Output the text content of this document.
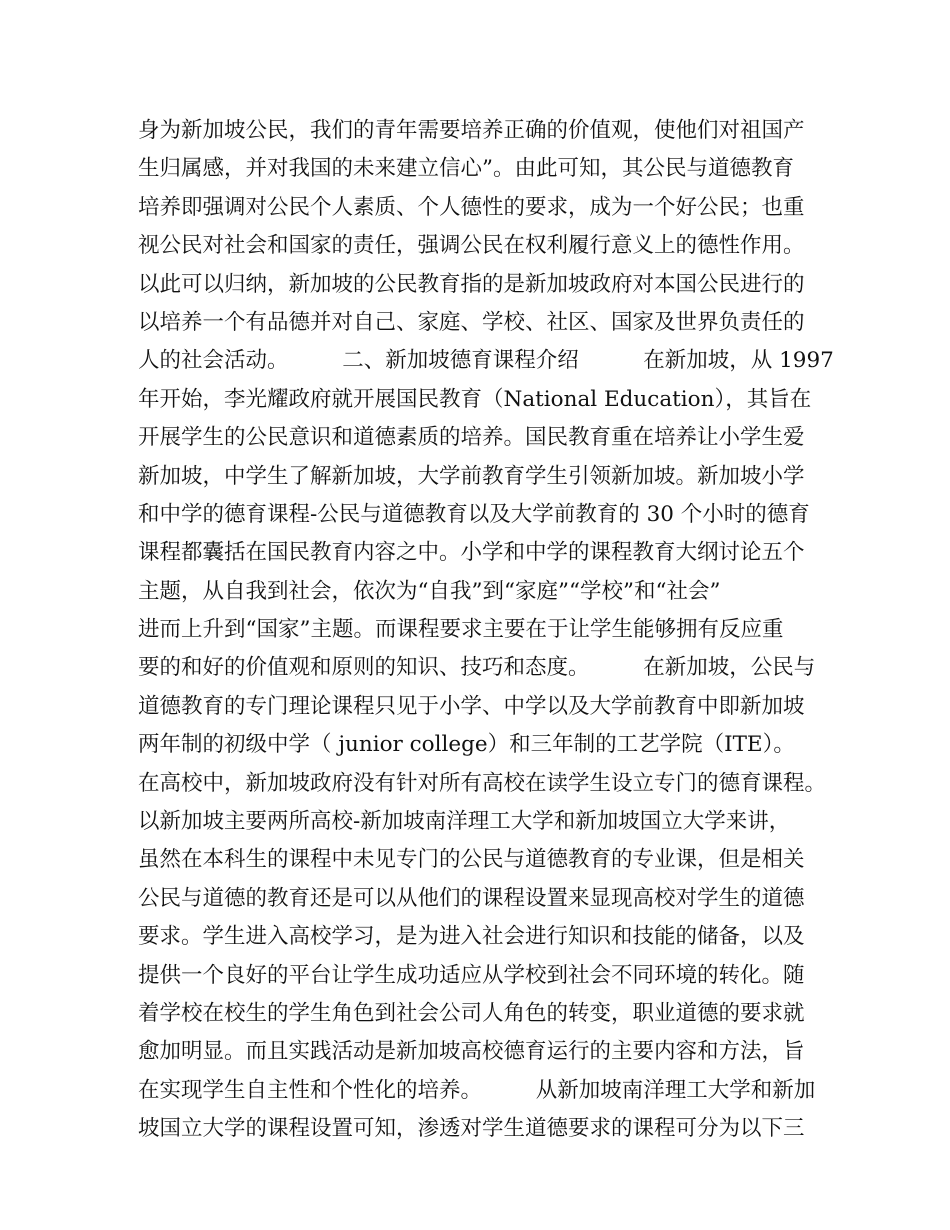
身为新加坡公民，我们的青年需要培养正确的价值观，使他们对祖国产
生归属感，并对我国的未来建立信心”。由此可知，其公民与道德教育
培养即强调对公民个人素质、个人德性的要求，成为一个好公民；也重
视公民对社会和国家的责任，强调公民在权利履行意义上的德性作用。
以此可以归纳，新加坡的公民教育指的是新加坡政府对本国公民进行的
以培养一个有品德并对自己、家庭、学校、社区、国家及世界负责任的
人的社会活动。　　　二、新加坡德育课程介绍　　　在新加坡，从 1997
年开始，李光耀政府就开展国民教育（National Education），其旨在
开展学生的公民意识和道德素质的培养。国民教育重在培养让小学生爱
新加坡，中学生了解新加坡，大学前教育学生引领新加坡。新加坡小学
和中学的德育课程-公民与道德教育以及大学前教育的 30 个小时的德育
课程都囊括在国民教育内容之中。小学和中学的课程教育大纲讨论五个
主题，从自我到社会，依次为“自我”到“家庭”“学校”和“社会”
进而上升到“国家”主题。而课程要求主要在于让学生能够拥有反应重
要的和好的价值观和原则的知识、技巧和态度。　　　在新加坡，公民与
道德教育的专门理论课程只见于小学、中学以及大学前教育中即新加坡
两年制的初级中学（ junior college）和三年制的工艺学院（ITE）。
在高校中，新加坡政府没有针对所有高校在读学生设立专门的德育课程。
以新加坡主要两所高校-新加坡南洋理工大学和新加坡国立大学来讲，
虽然在本科生的课程中未见专门的公民与道德教育的专业课，但是相关
公民与道德的教育还是可以从他们的课程设置来显现高校对学生的道德
要求。学生进入高校学习，是为进入社会进行知识和技能的储备，以及
提供一个良好的平台让学生成功适应从学校到社会不同环境的转化。随
着学校在校生的学生角色到社会公司人角色的转变，职业道德的要求就
愈加明显。而且实践活动是新加坡高校德育运行的主要内容和方法，旨
在实现学生自主性和个性化的培养。　　　从新加坡南洋理工大学和新加
坡国立大学的课程设置可知，渗透对学生道德要求的课程可分为以下三
